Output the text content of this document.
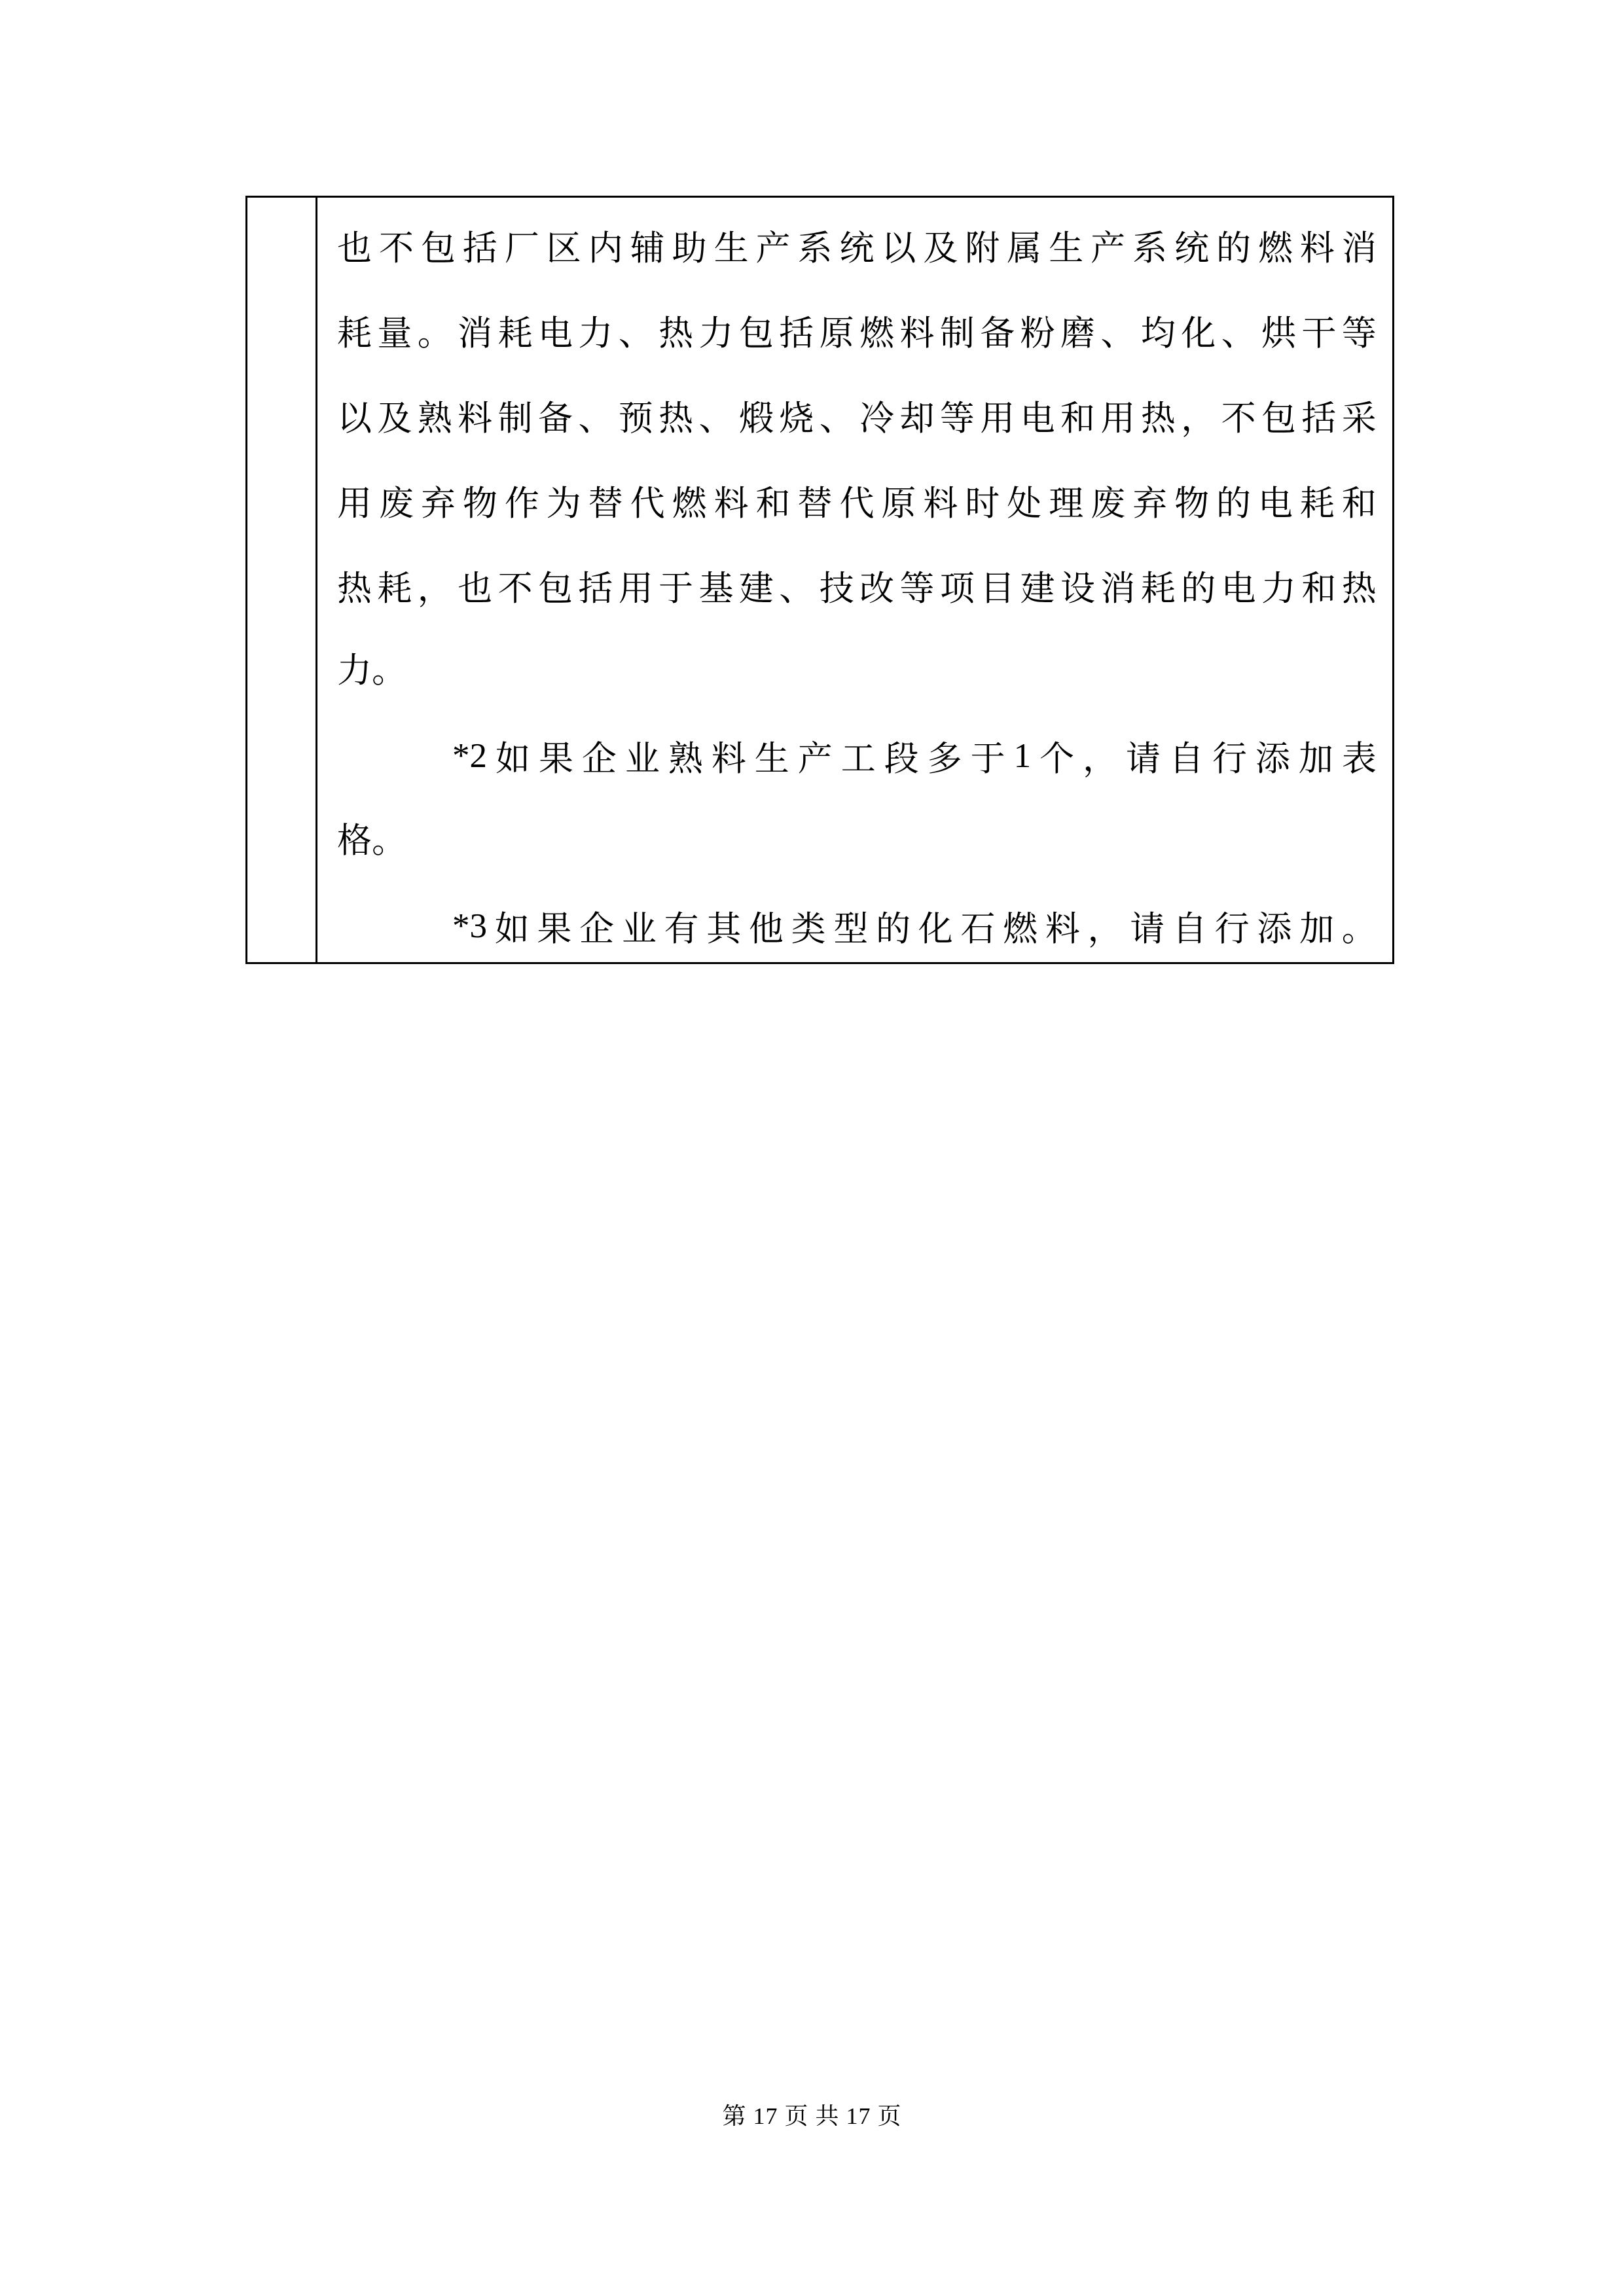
也 不 包 括 厂 区 内 辅 助 生 产 系 统 以 及 附 属 生 产 系 统 的 燃 料 消
耗 量 。 消 耗 电 力 、 热 力 包 括 原 燃 料 制 备 粉 磨 、 均 化 、 烘 干 等
以 及 熟 料 制 备 、 预 热 、 煅 烧 、 冷 却 等 用 电 和 用 热 ， 不 包 括 采
用 废 弃 物 作 为 替 代 燃 料 和 替 代 原 料 时 处 理 废 弃 物 的 电 耗 和
热 耗 ， 也 不 包 括 用 于 基 建 、 技 改 等 项 目 建 设 消 耗 的 电 力 和 热
力。
*2 如 果 企 业 熟 料 生 产 工 段 多 于 1 个 ， 请 自 行 添 加 表
格。
*3 如 果 企 业 有 其 他 类 型 的 化 石 燃 料 ， 请 自 行 添 加 。
第 17 页 共 17 页
